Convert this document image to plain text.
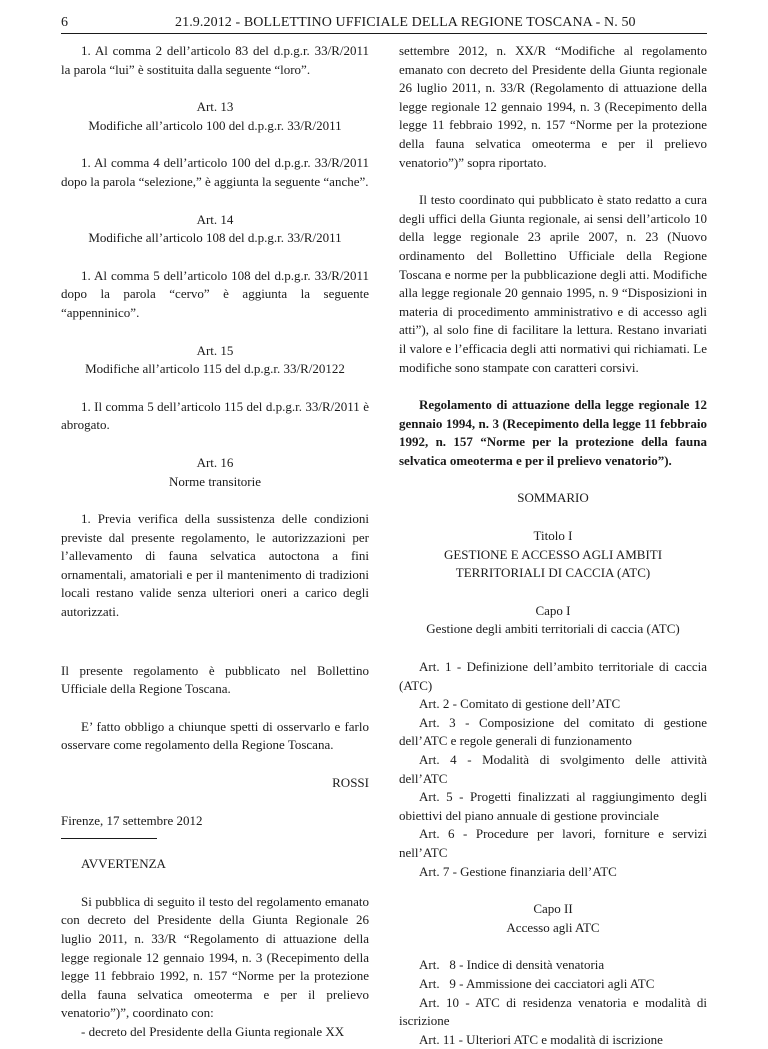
6	21.9.2012 - BOLLETTINO UFFICIALE DELLA REGIONE TOSCANA - N. 50

1. Al comma 2 dell’articolo 83 del d.p.g.r. 33/R/2011 la parola “lui” è sostituita dalla seguente “loro”.

Art. 13

Modifiche all’articolo 100 del d.p.g.r. 33/R/2011

1. Al comma 4 dell’articolo 100 del d.p.g.r. 33/R/2011 dopo la parola “selezione,” è aggiunta la seguente “anche”.

Art. 14

Modifiche all’articolo 108 del d.p.g.r. 33/R/2011

1. Al comma 5 dell’articolo 108 del d.p.g.r. 33/R/2011 dopo la parola “cervo” è aggiunta la seguente “appenninico”.

Art. 15

Modifiche all’articolo 115 del d.p.g.r. 33/R/20122

1. Il comma 5 dell’articolo 115 del d.p.g.r. 33/R/2011 è abrogato.

Art. 16

Norme transitorie

1. Previa verifica della sussistenza delle condizioni previste dal presente regolamento, le autorizzazioni per l’allevamento di fauna selvatica autoctona a fini ornamentali, amatoriali e per il mantenimento di tradizioni locali restano valide senza ulteriori oneri a carico degli autorizzati.

Il presente regolamento è pubblicato nel Bollettino Ufficiale della Regione Toscana.

E’ fatto obbligo a chiunque spetti di osservarlo e farlo osservare come regolamento della Regione Toscana.

ROSSI

Firenze, 17 settembre 2012

AVVERTENZA

Si pubblica di seguito il testo del regolamento emanato con decreto del Presidente della Giunta Regionale 26 luglio 2011, n. 33/R “Regolamento di attuazione della legge regionale 12 gennaio 1994, n. 3 (Recepimento della legge 11 febbraio 1992, n. 157 “Norme per la protezione della fauna selvatica omeoterma e per il prelievo venatorio”)”, coordinato con:

- decreto del Presidente della Giunta regionale XX

settembre 2012, n. XX/R “Modifiche al regolamento emanato con decreto del Presidente della Giunta regionale 26 luglio 2011, n. 33/R (Regolamento di attuazione della legge regionale 12 gennaio 1994, n. 3 (Recepimento della legge 11 febbraio 1992, n. 157 “Norme per la protezione della fauna selvatica omeoterma e per il prelievo venatorio”)” sopra riportato.

Il testo coordinato qui pubblicato è stato redatto a cura degli uffici della Giunta regionale, ai sensi dell’articolo 10 della legge regionale 23 aprile 2007, n. 23 (Nuovo ordinamento del Bollettino Ufficiale della Regione Toscana e norme per la pubblicazione degli atti. Modifiche alla legge regionale 20 gennaio 1995, n. 9 “Disposizioni in materia di procedimento amministrativo e di accesso agli atti”), al solo fine di facilitare la lettura. Restano invariati il valore e l’efficacia degli atti normativi qui richiamati. Le modifiche sono stampate con caratteri corsivi.

Regolamento di attuazione della legge regionale 12 gennaio 1994, n. 3 (Recepimento della legge 11 febbraio 1992, n. 157 “Norme per la protezione della fauna selvatica omeoterma e per il prelievo venatorio”).

SOMMARIO

Titolo I

GESTIONE E ACCESSO AGLI AMBITI

TERRITORIALI DI CACCIA (ATC)

Capo I

Gestione degli ambiti territoriali di caccia (ATC)

Art. 1 - Definizione dell’ambito territoriale di caccia (ATC)

Art. 2 - Comitato di gestione dell’ATC

Art. 3 - Composizione del comitato di gestione dell’ATC e regole generali di funzionamento

Art. 4 - Modalità di svolgimento delle attività dell’ATC

Art. 5 - Progetti finalizzati al raggiungimento degli obiettivi del piano annuale di gestione provinciale

Art. 6 - Procedure per lavori, forniture e servizi nell’ATC

Art. 7 - Gestione finanziaria dell’ATC

Capo II

Accesso agli ATC

Art.   8 - Indice di densità venatoria

Art.   9 - Ammissione dei cacciatori agli ATC

Art. 10 - ATC di residenza venatoria e modalità di iscrizione

Art. 11 - Ulteriori ATC e modalità di iscrizione
